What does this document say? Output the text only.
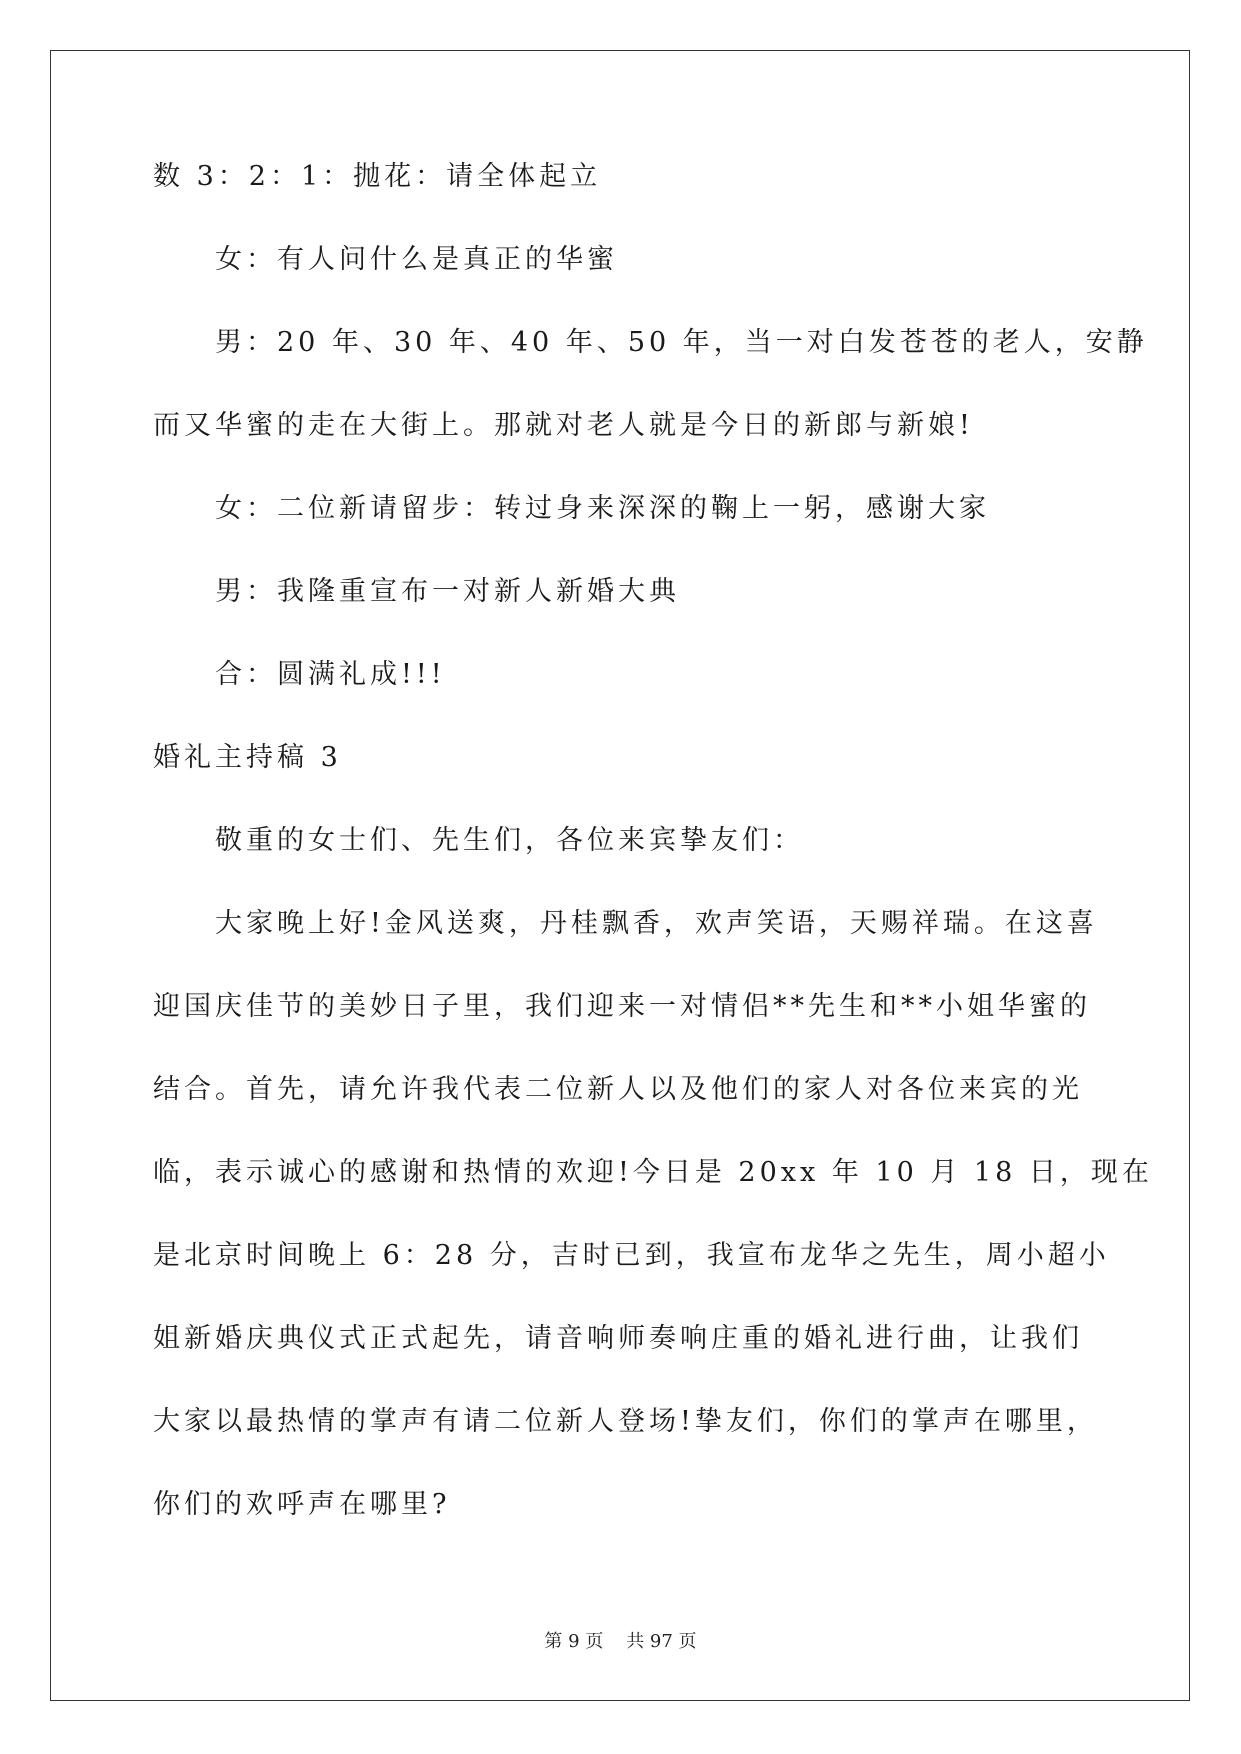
数 3：2：1：抛花：请全体起立
女：有人问什么是真正的华蜜
男：20 年、30 年、40 年、50 年，当一对白发苍苍的老人，安静
而又华蜜的走在大街上。那就对老人就是今日的新郎与新娘!
女：二位新请留步：转过身来深深的鞠上一躬，感谢大家
男：我隆重宣布一对新人新婚大典
合：圆满礼成!!!
婚礼主持稿 3
敬重的女士们、先生们，各位来宾挚友们：
大家晚上好!金风送爽，丹桂飘香，欢声笑语，天赐祥瑞。在这喜
迎国庆佳节的美妙日子里，我们迎来一对情侣**先生和**小姐华蜜的
结合。首先，请允许我代表二位新人以及他们的家人对各位来宾的光
临，表示诚心的感谢和热情的欢迎!今日是 20xx 年 10 月 18 日，现在
是北京时间晚上 6：28 分，吉时已到，我宣布龙华之先生，周小超小
姐新婚庆典仪式正式起先，请音响师奏响庄重的婚礼进行曲，让我们
大家以最热情的掌声有请二位新人登场!挚友们，你们的掌声在哪里，
你们的欢呼声在哪里?
第 9 页    共 97 页
